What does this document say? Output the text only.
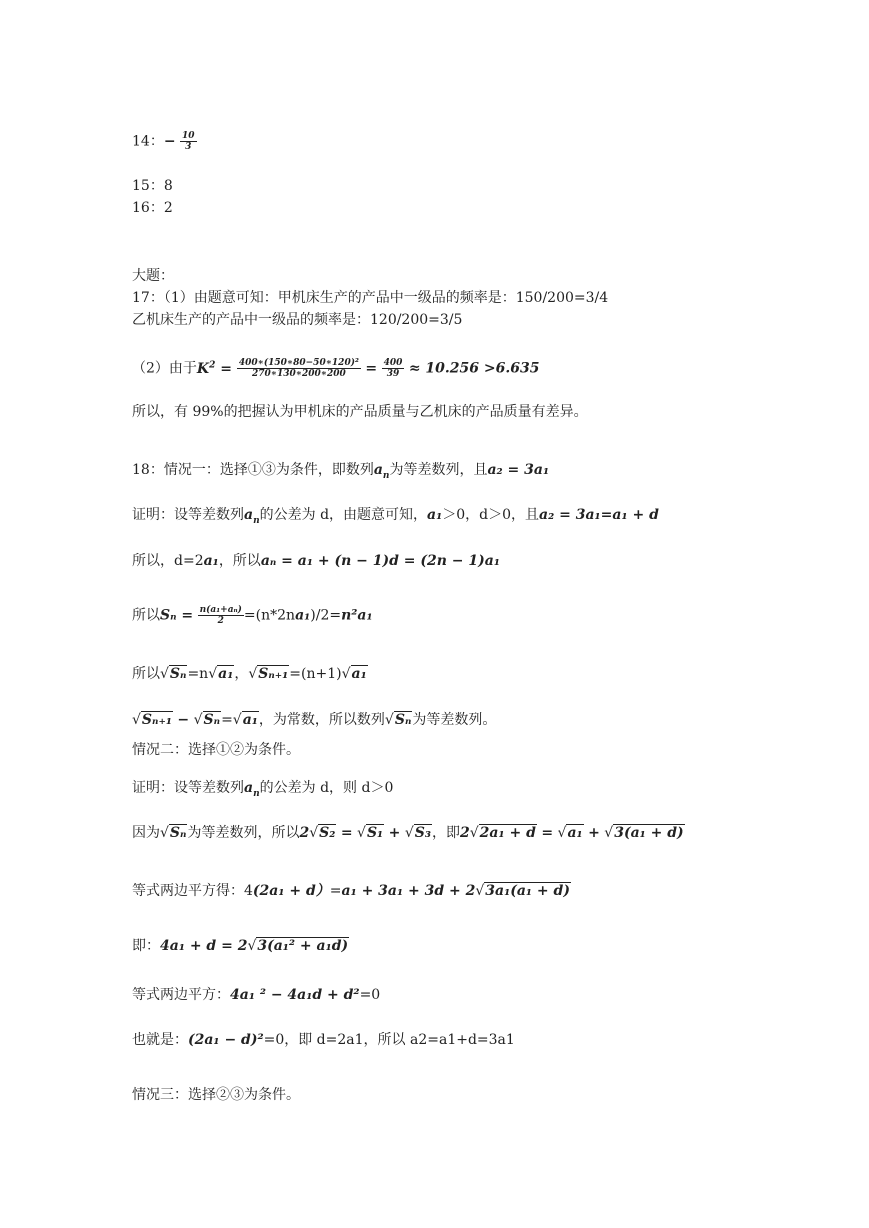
14：− $\frac{10}{3}$
15：8
16：2
大题：
17：（1）由题意可知：甲机床生产的产品中一级品的频率是：150/200=3/4
乙机床生产的产品中一级品的频率是：120/200=3/5
（2）由于$K^2 = \frac{\text{400∗(150∗80−50∗120)²}}{270∗130∗200∗200} = \frac{400}{39} \approx 10.256 >6.635$
所以，有 99%的把握认为甲机床的产品质量与乙机床的产品质量有差异。
18：情况一：选择①③为条件，即数列$a_n$为等差数列，且a₂ = 3a₁
证明：设等差数列$a_n$的公差为 d，由题意可知，a₁＞0，d＞0，且a₂ = 3a₁=a₁ + d
所以，d=2a₁，所以aₙ = a₁ + (n − 1)d = (2n − 1)a₁
所以$S_n = \frac{\text{n(a₁+aₙ)}}{2} =(n*2na_1)/2=n^2a_1$
所以√Sₙ=n√a₁，√Sₙ₊₁=(n+1)√a₁
√Sₙ₊₁ − √Sₙ=√a₁，为常数，所以数列√Sₙ为等差数列。
情况二：选择①②为条件。
证明：设等差数列$a_n$的公差为 d，则 d＞0
因为√Sₙ为等差数列，所以2√S₂ = √S₁ + √S₃，即2√2a₁ + d = √a₁ + √3(a₁ + d)
等式两边平方得：4(2a₁ + d）=a₁ + 3a₁ + 3d + 2√3a₁(a₁ + d)
即：4a₁ + d = 2√3(a₁² + a₁d)
等式两边平方：4a₁ ² − 4a₁d + d²=0
也就是：(2a₁ − d)²=0，即 d=2a1，所以 a2=a1+d=3a1
情况三：选择②③为条件。
